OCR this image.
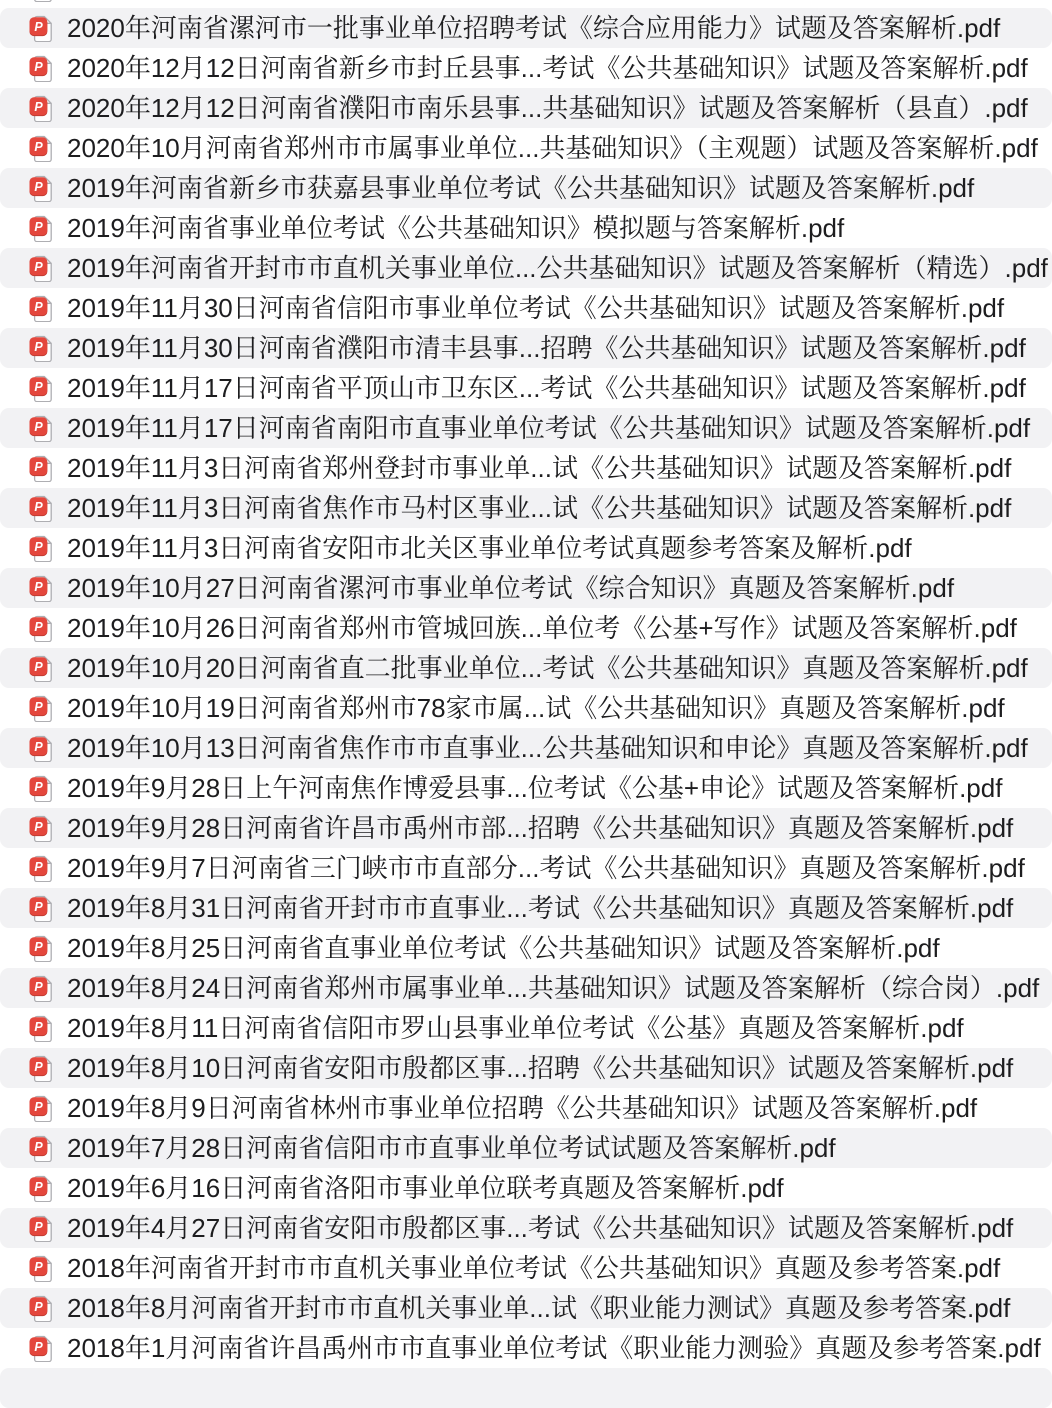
P 2020年河南省漯河市一批事业单位招聘考试《综合应用能力》试题及答案解析.pdf
P 2020年12月12日河南省新乡市封丘县事...考试《公共基础知识》试题及答案解析.pdf
P 2020年12月12日河南省濮阳市南乐县事...共基础知识》试题及答案解析（县直）.pdf
P 2020年10月河南省郑州市市属事业单位...共基础知识》（主观题）试题及答案解析.pdf
P 2019年河南省新乡市获嘉县事业单位考试《公共基础知识》试题及答案解析.pdf
P 2019年河南省事业单位考试《公共基础知识》模拟题与答案解析.pdf
P 2019年河南省开封市市直机关事业单位...公共基础知识》试题及答案解析（精选）.pdf
P 2019年11月30日河南省信阳市事业单位考试《公共基础知识》试题及答案解析.pdf
P 2019年11月30日河南省濮阳市清丰县事...招聘《公共基础知识》试题及答案解析.pdf
P 2019年11月17日河南省平顶山市卫东区...考试《公共基础知识》试题及答案解析.pdf
P 2019年11月17日河南省南阳市直事业单位考试《公共基础知识》试题及答案解析.pdf
P 2019年11月3日河南省郑州登封市事业单...试《公共基础知识》试题及答案解析.pdf
P 2019年11月3日河南省焦作市马村区事业...试《公共基础知识》试题及答案解析.pdf
P 2019年11月3日河南省安阳市北关区事业单位考试真题参考答案及解析.pdf
P 2019年10月27日河南省漯河市事业单位考试《综合知识》真题及答案解析.pdf
P 2019年10月26日河南省郑州市管城回族...单位考《公基+写作》试题及答案解析.pdf
P 2019年10月20日河南省直二批事业单位...考试《公共基础知识》真题及答案解析.pdf
P 2019年10月19日河南省郑州市78家市属...试《公共基础知识》真题及答案解析.pdf
P 2019年10月13日河南省焦作市市直事业...公共基础知识和申论》真题及答案解析.pdf
P 2019年9月28日上午河南焦作博爱县事...位考试《公基+申论》试题及答案解析.pdf
P 2019年9月28日河南省许昌市禹州市部...招聘《公共基础知识》真题及答案解析.pdf
P 2019年9月7日河南省三门峡市市直部分...考试《公共基础知识》真题及答案解析.pdf
P 2019年8月31日河南省开封市市直事业...考试《公共基础知识》真题及答案解析.pdf
P 2019年8月25日河南省直事业单位考试《公共基础知识》试题及答案解析.pdf
P 2019年8月24日河南省郑州市属事业单...共基础知识》试题及答案解析（综合岗）.pdf
P 2019年8月11日河南省信阳市罗山县事业单位考试《公基》真题及答案解析.pdf
P 2019年8月10日河南省安阳市殷都区事...招聘《公共基础知识》试题及答案解析.pdf
P 2019年8月9日河南省林州市事业单位招聘《公共基础知识》试题及答案解析.pdf
P 2019年7月28日河南省信阳市市直事业单位考试试题及答案解析.pdf
P 2019年6月16日河南省洛阳市事业单位联考真题及答案解析.pdf
P 2019年4月27日河南省安阳市殷都区事...考试《公共基础知识》试题及答案解析.pdf
P 2018年河南省开封市市直机关事业单位考试《公共基础知识》真题及参考答案.pdf
P 2018年8月河南省开封市市直机关事业单...试《职业能力测试》真题及参考答案.pdf
P 2018年1月河南省许昌禹州市市直事业单位考试《职业能力测验》真题及参考答案.pdf
